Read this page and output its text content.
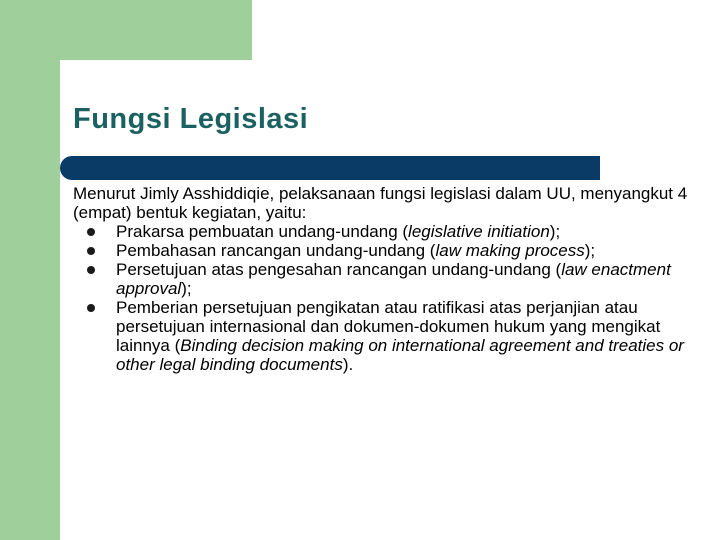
Fungsi Legislasi

Menurut Jimly Asshiddiqie, pelaksanaan fungsi legislasi dalam UU, menyangkut 4 (empat) bentuk kegiatan, yaitu:

Prakarsa pembuatan undang-undang (legislative initiation);
Pembahasan rancangan undang-undang (law making process);
Persetujuan atas pengesahan rancangan undang-undang (law enactment approval);
Pemberian persetujuan pengikatan atau ratifikasi atas perjanjian atau persetujuan internasional dan dokumen-dokumen hukum yang mengikat lainnya (Binding decision making on international agreement and treaties or other legal binding documents).
